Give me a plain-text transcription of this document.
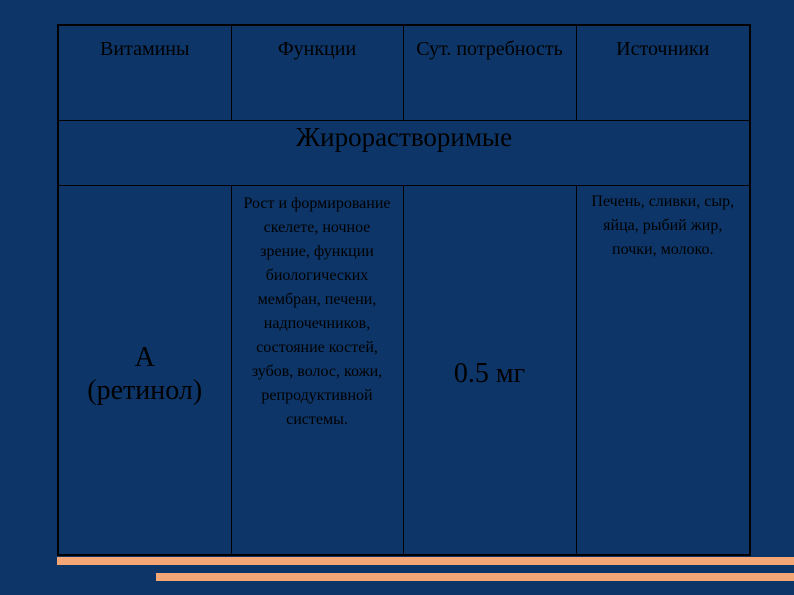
Витамины	Функции	Сут. потребность	Источники

Жирорастворимые			

A
(ретинол)	Рост и формирование скелете, ночное зрение, функции биологических мембран, печени, надпочечников, состояние костей, зубов, волос, кожи, репродуктивной системы.	0.5 мг	Печень, сливки, сыр, яйца, рыбий жир, почки, молоко.
